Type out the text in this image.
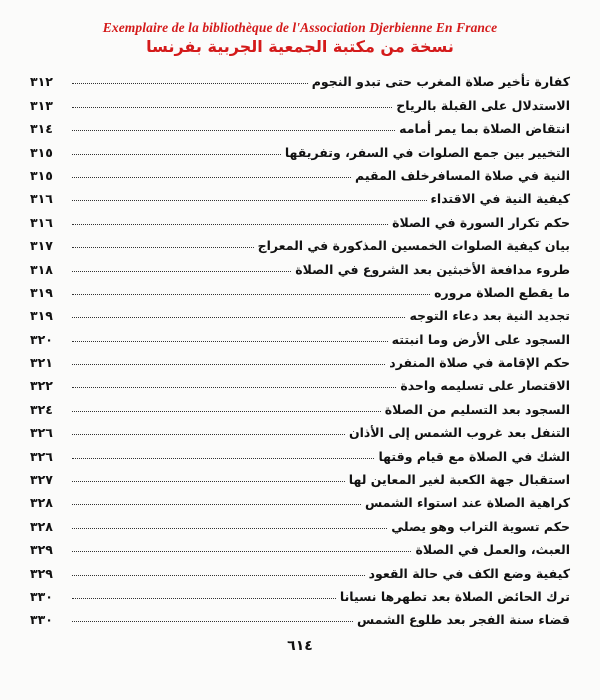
Exemplaire de la bibliothèque de l'Association Djerbienne En France
نسخة من مكتبة الجمعية الجربية بفرنسا
كفارة تأخير صلاة المغرب حتى تبدو النجوم
٣١٢
الاستدلال على القبلة بالرياح
٣١٣
انتقاض الصلاة بما يمر أمامه
٣١٤
التخيير بين جمع الصلوات في السفر، وتفريقها
٣١٥
النية في صلاة المسافرخلف المقيم
٣١٥
كيفية النية في الاقتداء
٣١٦
حكم تكرار السورة في الصلاة
٣١٦
بيان كيفية الصلوات الخمسين المذكورة في المعراج
٣١٧
طروء مدافعة الأخبثين بعد الشروع في الصلاة
٣١٨
ما يقطع الصلاة مروره
٣١٩
تجديد النية بعد دعاء التوجه
٣١٩
السجود على الأرض وما انبتته
٣٢٠
حكم الإقامة في صلاة المنفرد
٣٢١
الاقتصار على تسليمه واحدة
٣٢٢
السجود بعد التسليم من الصلاة
٣٢٤
التنفل بعد غروب الشمس إلى الأذان
٣٢٦
الشك في الصلاة مع قيام وقتها
٣٢٦
استقبال جهة الكعبة لغير المعاين لها
٣٢٧
كراهية الصلاة عند استواء الشمس
٣٢٨
حكم تسوية التراب وهو يصلي
٣٢٨
العبث، والعمل في الصلاة
٣٢٩
كيفية وضع الكف في حالة القعود
٣٢٩
ترك الحائض الصلاة بعد تطهرها نسيانا
٣٣٠
قضاء سنة الفجر بعد طلوع الشمس
٣٣٠
٦١٤
